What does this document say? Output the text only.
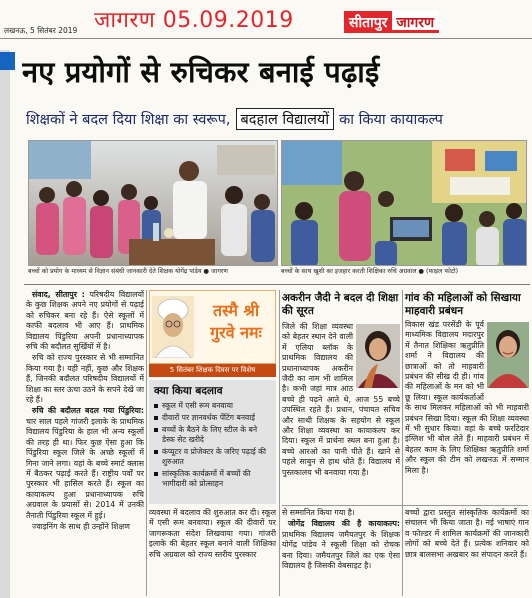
लखनऊ, 5 सितंबर 2019 जागरण 05.09.2019	सीतापुर जागरण
नए प्रयोगों से रुचिकर बनाई पढ़ाई
शिक्षकों ने बदल दिया शिक्षा का स्वरूप, बदहाल विद्यालयों का किया कायाकल्प
बच्चों को प्रयोग के माध्यम से विज्ञान संबंधी जानकारी देते शिक्षक योगेंद्र पांडेय ● जागरण	बच्चों के साथ खुशी का इजहार करती शिक्षिका रुचि अग्रवाल ● (फाइल फोटो)

संवाद, सीतापुर : परिषदीय विद्यालयों के कुछ शिक्षक अपने नए प्रयोगों से पढ़ाई को रुचिकर बना रहे हैं। ऐसे स्कूलों में काफी बदलाव भी आए हैं। प्राथमिक विद्यालय पिंडुरिया अपनी प्रधानाध्यापक रुचि की बदौलत सुर्खियों में है।

रुचि को राज्य पुरस्कार से भी सम्मानित किया गया है। यही नहीं, कुछ और शिक्षक हैं, जिनकी बदौलत परिषदीय विद्यालयों में शिक्षा का स्तर ऊंचा उठने के सपने देखे जा रहे हैं।

रुचि की बदौलत बदल गया पिंडुरिया: चार साल पहले गांजरी इलाके के प्राथमिक विद्यालय पिंडुरिया के हाल भी अन्य स्कूलों की तरह ही था। फिर कुछ ऐसा हुआ कि पिंडुरिया स्कूल जिले के अच्छे स्कूलों में गिना जाने लगा। यहां के बच्चे स्मार्ट क्लास में बैठकर पढ़ाई करते हैं। राष्ट्रीय पर्वों पर पुरस्कार भी हासिल करते हैं। स्कूल का कायाकल्प हुआ प्रधानाध्यापक रुचि अग्रवाल के प्रयासों से। 2014 में उनकी तैनाती पिंडुरिया स्कूल में हुई।

ज्वाइनिंग के साथ ही उन्होंने शिक्षण

तस्मै श्री
गुरवे नमः
5 सितंबर शिक्षक दिवस पर विशेष
क्या किया बदलाव
स्कूल में एसी रूम बनवाया
दीवारों पर ज्ञानवर्धक पेंटिंग बनवाई
बच्चों के बैठने के लिए स्टील के बने डेस्क सेट खरीदे
कंप्यूटर व प्रोजेक्टर के जरिए पढ़ाई की शुरुआत
सांस्कृतिक कार्यक्रमों में बच्चों की भागीदारी को प्रोत्साहन

व्यवस्था में बदलाव की शुरुआत कर दी। स्कूल में एसी रूम बनवाया। स्कूल की दीवारों पर जागरूकता संदेश लिखवाया गया। गांजरी इलाके की बेहतर स्कूल बनाने वाली शिक्षिका रुचि अग्रवाल को राज्य स्तरीय पुरस्कार

अकरीन जैदी ने बदल दी शिक्षा की सूरत
जिले की शिक्षा व्यवस्था को बेहतर स्थान देने वाली में एलिया ब्लॉक के प्राथमिक विद्यालय की प्रधानाध्यापक अकरीन जैदी का नाम भी शामिल है। कभी जहां मात्र आठ बच्चे ही पढ़ने आते थे, आज 55 बच्चे उपस्थित रहते हैं। प्रधान, पंचायत सचिव और साथी शिक्षक के सहयोग से स्कूल और शिक्षा व्यवस्था का कायाकल्प कर दिया। स्कूल में प्रार्थना स्थल बना हुआ है। बच्चे आरओ का पानी पीते हैं। खाने से पहले साबुन से हाथ धोते हैं। विद्यालय में पुस्तकालय भी बनवाया गया है।

से सम्मानित किया गया है।

जोगेंद्र विद्यालय की है कायाकल्प: प्राथमिक विद्यालय जमैयतपुर के शिक्षक योगेंद्र पांडेय ने स्कूली शिक्षा को रोचक बना दिया। जमैयतपुर जिले का एक ऐसा विद्यालय है जिसकी वेबसाइट है।

गांव की महिलाओं को सिखाया माहवारी प्रबंधन
विकास खंड परसेंडी के पूर्व माध्यमिक विद्यालय मदारपुर में तैनात शिक्षिका ऋतुप्रीति शर्मा ने विद्यालय की छात्राओं को तो माहवारी प्रबंधन की सीख दी ही। गांव की महिलाओं के मन को भी छू लिया। स्कूल कार्यकर्ताओं के साथ मिलकर महिलाओं को भी माहवारी प्रबंधन सिखा दिया। स्कूल की शिक्षा व्यवस्था में भी सुधार किया। वहां के बच्चे फर्राटेदार इंग्लिश भी बोल लेते हैं। माहवारी प्रबंधन में बेहतर काम के लिए शिक्षिका ऋतुप्रीति शर्मा और स्कूल की टीम को लखनऊ में सम्मान मिला है।

बच्चों द्वारा प्रस्तुत सांस्कृतिक कार्यक्रमों का संचालन भी किया जाता है। नई भाषाएं गान व फोल्डर में शामिल कार्यक्रमों की जानकारी लोगों को बच्चे देते हैं। प्रत्येक शनिवार को छात्र बालसभा अखबार का संपादन करते हैं।
